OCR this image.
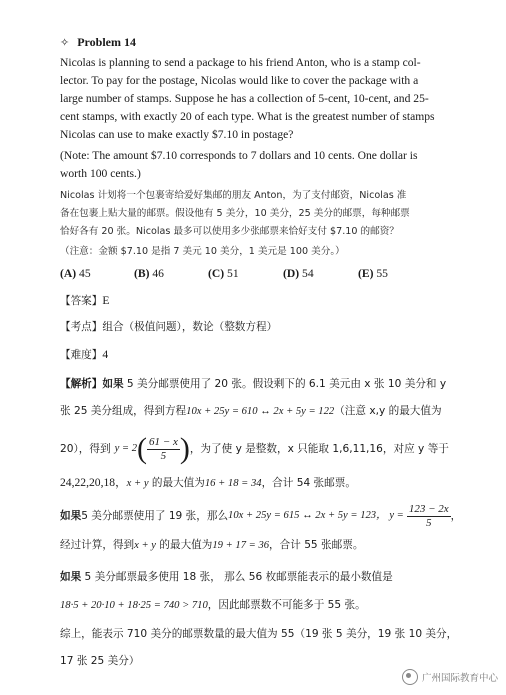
✧ Problem 14
Nicolas is planning to send a package to his friend Anton, who is a stamp col-
lector. To pay for the postage, Nicolas would like to cover the package with a
large number of stamps. Suppose he has a collection of 5-cent, 10-cent, and 25-
cent stamps, with exactly 20 of each type. What is the greatest number of stamps
Nicolas can use to make exactly $7.10 in postage?
(Note: The amount $7.10 corresponds to 7 dollars and 10 cents. One dollar is
worth 100 cents.)
Nicolas 计划将一个包裹寄给爱好集邮的朋友 Anton，为了支付邮资，Nicolas 准
备在包裹上贴大量的邮票。假设他有 5 美分，10 美分，25 美分的邮票，每种邮票
恰好各有 20 张。Nicolas 最多可以使用多少张邮票来恰好支付 $7.10 的邮资？
（注意：金额 $7.10 是指 7 美元 10 美分，1 美元是 100 美分。）
(A) 45	(B) 46	(C) 51	(D) 54	(E) 55
【答案】E
【考点】组合（极值问题），数论（整数方程）
【难度】4
【解析】如果 5 美分邮票使用了 20 张。假设剩下的 6.1 美元由 x 张 10 美分和 y
张 25 美分组成，得到方程10x + 25y = 610 ↔ 2x + 5y = 122（注意 x,y 的最大值为
20），得到 y = 2 ( $\frac{61 - x}{5}$ ) ，为了使 y 是整数，x 只能取 1,6,11,16，对应 y 等于
24,22,20,18，x + y 的最大值为16 + 18 = 34，合计 54 张邮票。
如果 5 美分邮票使用了 19 张，那么 10x + 25y = 615 ↔ 2x + 5y = 123 ， $y = \frac{123 - 2x}{5}$ ，
经过计算，得到x + y 的最大值为19 + 17 = 36，合计 55 张邮票。
如果 5 美分邮票最多使用 18 张， 那么 56 枚邮票能表示的最小数值是
18·5 + 20·10 + 18·25 = 740 > 710，因此邮票数不可能多于 55 张。
综上，能表示 710 美分的邮票数量的最大值为 55（19 张 5 美分，19 张 10 美分，
17 张 25 美分）
广州国际教育中心
